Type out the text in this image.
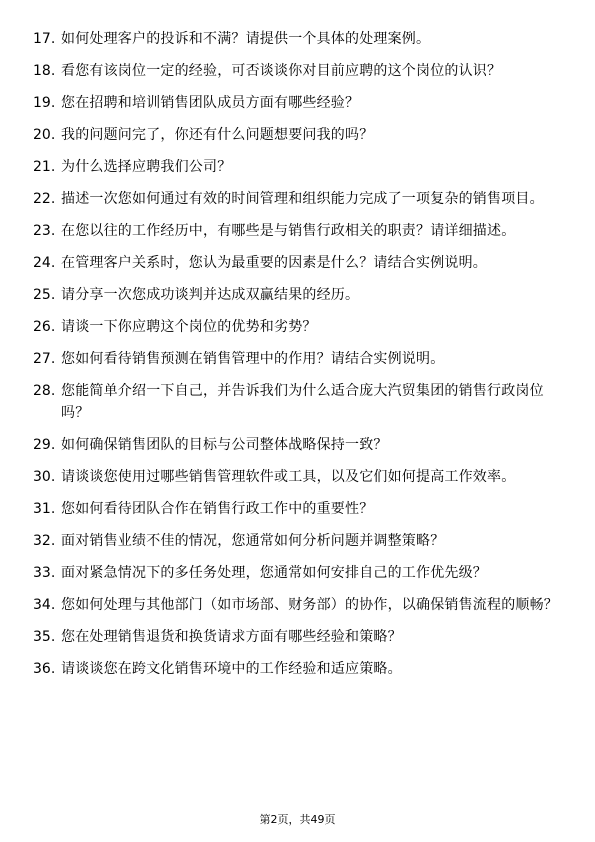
17. 如何处理客户的投诉和不满？请提供一个具体的处理案例。
18. 看您有该岗位一定的经验，可否谈谈你对目前应聘的这个岗位的认识？
19. 您在招聘和培训销售团队成员方面有哪些经验？
20. 我的问题问完了，你还有什么问题想要问我的吗？
21. 为什么选择应聘我们公司？
22. 描述一次您如何通过有效的时间管理和组织能力完成了一项复杂的销售项目。
23. 在您以往的工作经历中，有哪些是与销售行政相关的职责？请详细描述。
24. 在管理客户关系时，您认为最重要的因素是什么？请结合实例说明。
25. 请分享一次您成功谈判并达成双赢结果的经历。
26. 请谈一下你应聘这个岗位的优势和劣势？
27. 您如何看待销售预测在销售管理中的作用？请结合实例说明。
28. 您能简单介绍一下自己，并告诉我们为什么适合庞大汽贸集团的销售行政岗位吗？
29. 如何确保销售团队的目标与公司整体战略保持一致？
30. 请谈谈您使用过哪些销售管理软件或工具，以及它们如何提高工作效率。
31. 您如何看待团队合作在销售行政工作中的重要性？
32. 面对销售业绩不佳的情况，您通常如何分析问题并调整策略？
33. 面对紧急情况下的多任务处理，您通常如何安排自己的工作优先级？
34. 您如何处理与其他部门（如市场部、财务部）的协作，以确保销售流程的顺畅？
35. 您在处理销售退货和换货请求方面有哪些经验和策略？
36. 请谈谈您在跨文化销售环境中的工作经验和适应策略。
第2页，共49页
